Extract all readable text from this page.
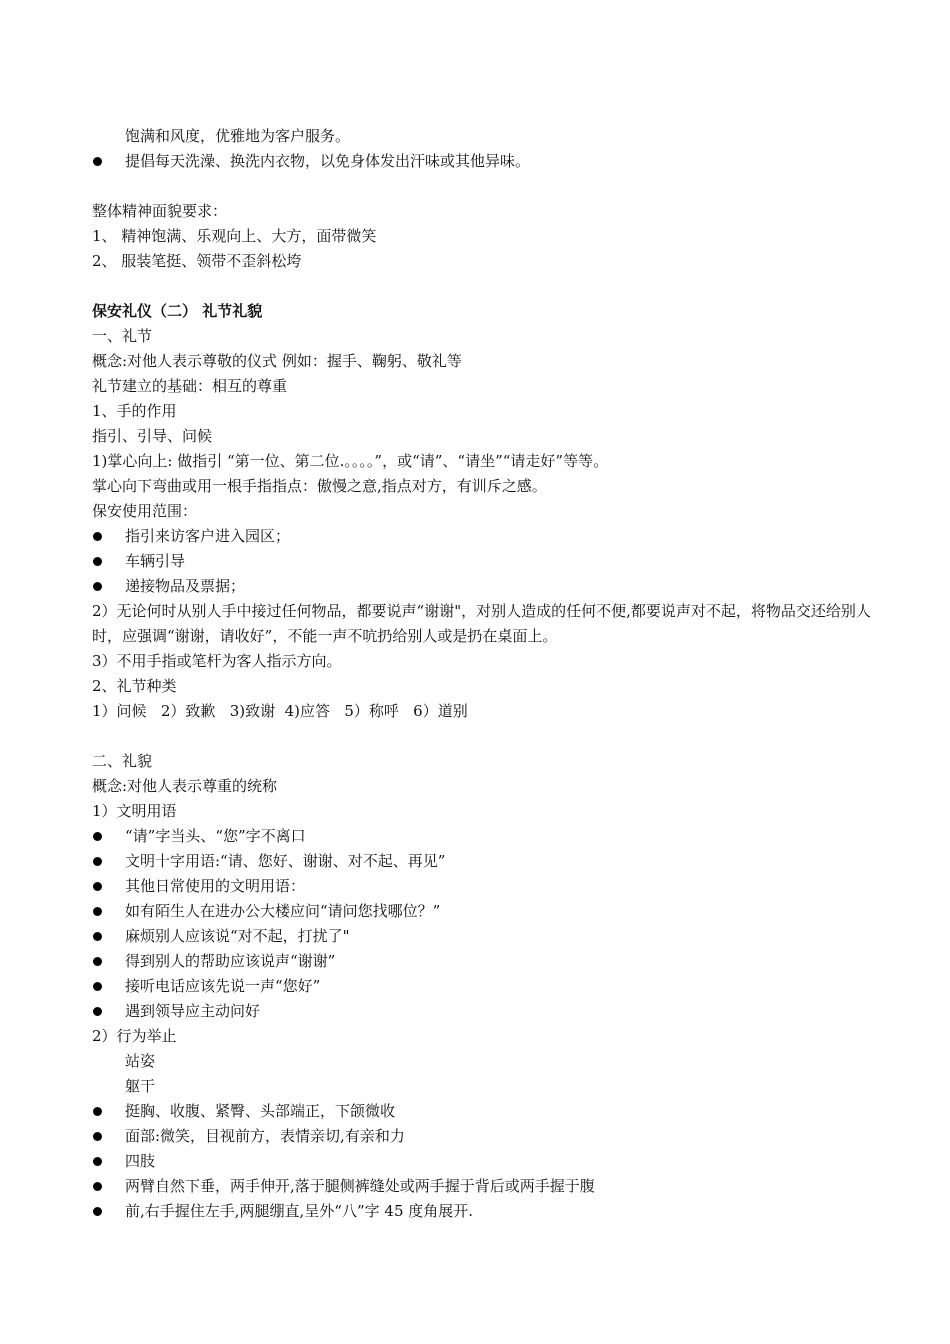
饱满和风度，优雅地为客户服务。
提倡每天洗澡、换洗内衣物，以免身体发出汗味或其他异味。
整体精神面貌要求：
1、 精神饱满、乐观向上、大方，面带微笑
2、 服装笔挺、领带不歪斜松垮
保安礼仪（二） 礼节礼貌
一、礼节
概念:对他人表示尊敬的仪式 例如：握手、鞠躬、敬礼等
礼节建立的基础：相互的尊重
1、手的作用
指引、引导、问候
1)掌心向上: 做指引 “第一位、第二位.。。。。”，或“请”、“请坐”“请走好”等等。
掌心向下弯曲或用一根手指指点：傲慢之意,指点对方，有训斥之感。
保安使用范围：
指引来访客户进入园区；
车辆引导
递接物品及票据；
2）无论何时从别人手中接过任何物品，都要说声“谢谢"，对别人造成的任何不便,都要说声对不起，将物品交还给别人时，应强调“谢谢，请收好”，不能一声不吭扔给别人或是扔在桌面上。
3）不用手指或笔杆为客人指示方向。
2、礼节种类
1）问候   2）致歉   3)致谢  4)应答   5）称呼   6）道别
二、礼貌
概念:对他人表示尊重的统称
1）文明用语
“请”字当头、“您”字不离口
文明十字用语:“请、您好、谢谢、对不起、再见”
其他日常使用的文明用语：
如有陌生人在进办公大楼应问“请问您找哪位？”
麻烦别人应该说“对不起，打扰了"
得到别人的帮助应该说声“谢谢”
接听电话应该先说一声“您好”
遇到领导应主动问好
2）行为举止
站姿
躯干
挺胸、收腹、紧臀、头部端正，下颌微收
面部:微笑，目视前方，表情亲切,有亲和力
四肢
两臂自然下垂，两手伸开,落于腿侧裤缝处或两手握于背后或两手握于腹
前,右手握住左手,两腿绷直,呈外“八”字 45 度角展开.
